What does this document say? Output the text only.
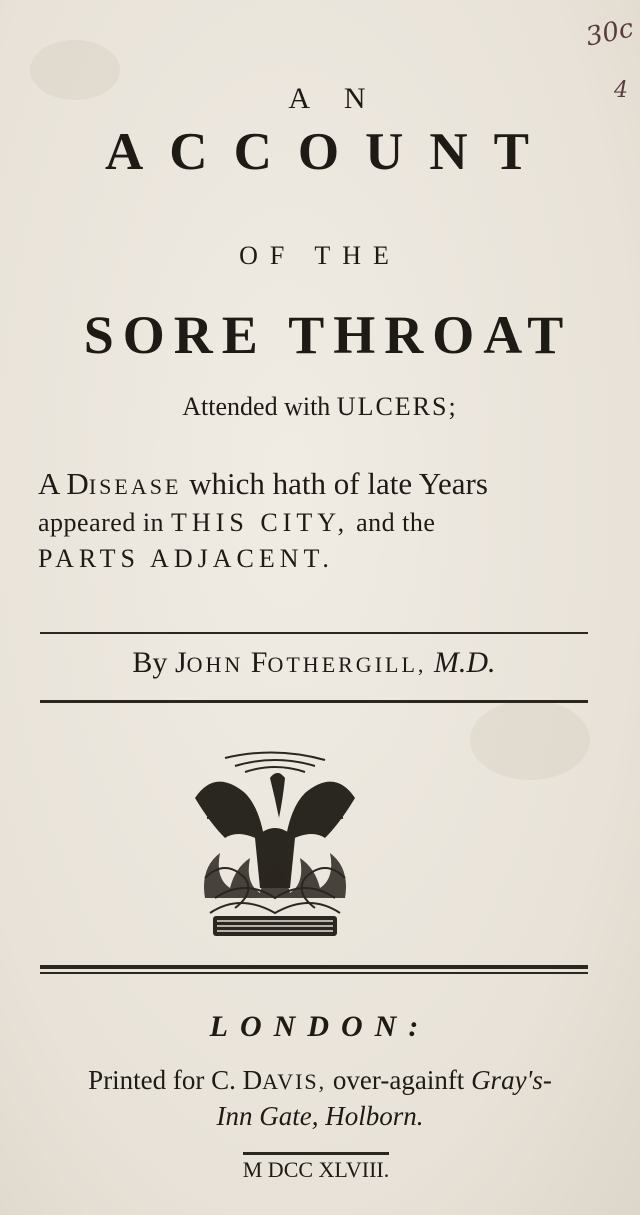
30c
4
A N
ACCOUNT
OF THE
SORE THROAT
Attended with ULCERS;
A DISEASE which hath of late Years
appeared in THIS CITY, and the
PARTS ADJACENT.
By JOHN FOTHERGILL, M.D.
LONDON:
Printed for C. DAVIS, over-againft Gray's-
Inn Gate, Holborn.
M DCC XLVIII.
